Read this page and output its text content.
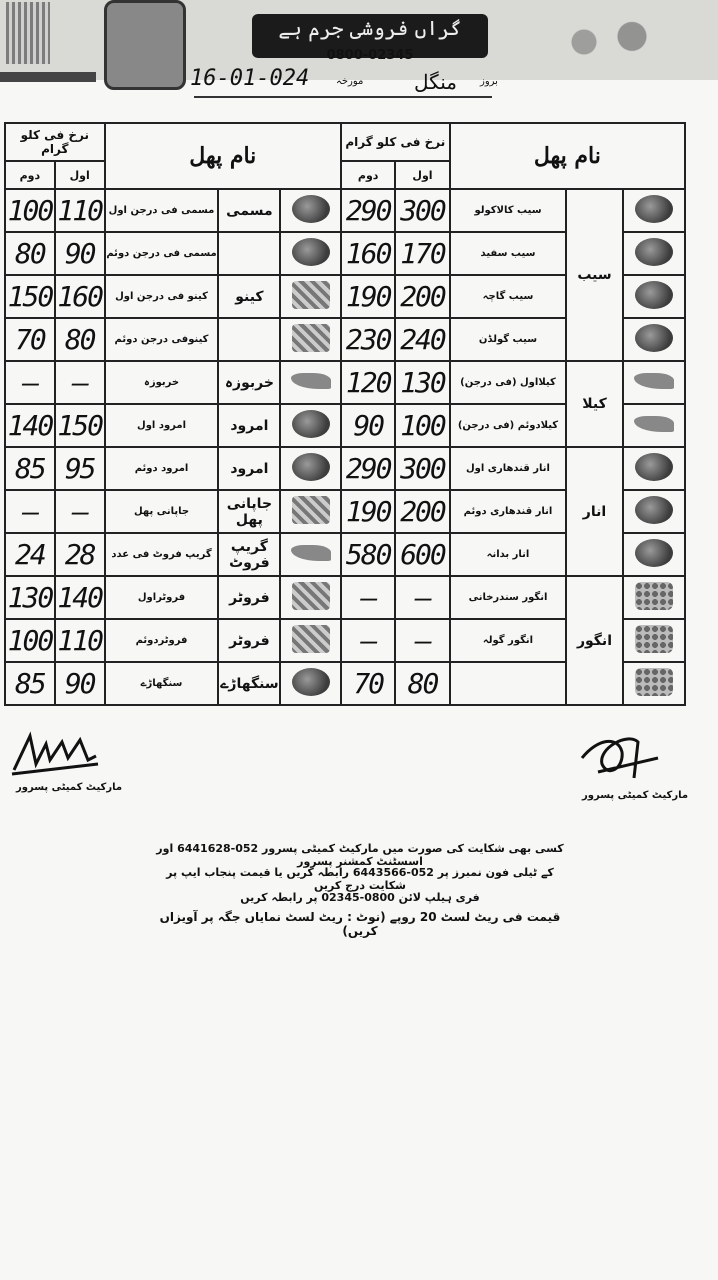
گراں فروشی جرم ہے
0800-02345
16-01-024	مورخہ	منگل بروز
نام پھل			نرخ فی کلو گرام	
			اول	دوم
	سیب	سیب کالاکولو	300	290
		سیب سفید	170	160
		سیب گاچہ	200	190
		سیب گولڈن	240	230
	کیلا	کیلااول (فی درجن)	130	120
		کیلادوئم (فی درجن)	100	90
	انار	انار قندھاری اول	300	290
		انار قندھاری دوئم	200	190
		انار بدانہ	600	580
	انگور	انگور سندرخانی	—	—
		انگور گولہ	—	—
			80	70
نام پھل			نرخ فی کلو گرام	
			اول	دوم
	مسمی	مسمی فی درجن اول	110	100
		مسمی فی درجن دوئم	90	80
	کینو	کینو فی درجن اول	160	150
		کینوفی درجن دوئم	80	70
	خربوزہ	خربوزہ	—	—
	امرود	امرود اول	150	140
	امرود	امرود دوئم	95	85
	جاپانی پھل	جاپانی پھل	—	—
	گریپ فروٹ	گریپ فروٹ فی عدد	28	24
	فروٹر	فروٹراول	140	130
	فروٹر	فروٹردوئم	110	100
	سنگھاڑے	سنگھاڑے	90	85
مارکیٹ کمیٹی پسرور
مارکیٹ کمیٹی پسرور
کسی بھی شکایت کی صورت میں مارکیٹ کمیٹی پسرور 052-6441628 اور اسسٹنٹ کمشنر پسرور
کے ٹیلی فون نمبرز پر 052-6443566 رابطہ کریں یا قیمت پنجاب ایپ پر شکایت درج کریں
فری ہیلپ لائن 0800-02345 پر رابطہ کریں
قیمت فی ریٹ لسٹ 20 روپے (نوٹ : ریٹ لسٹ نمایاں جگہ پر آویزاں کریں)
